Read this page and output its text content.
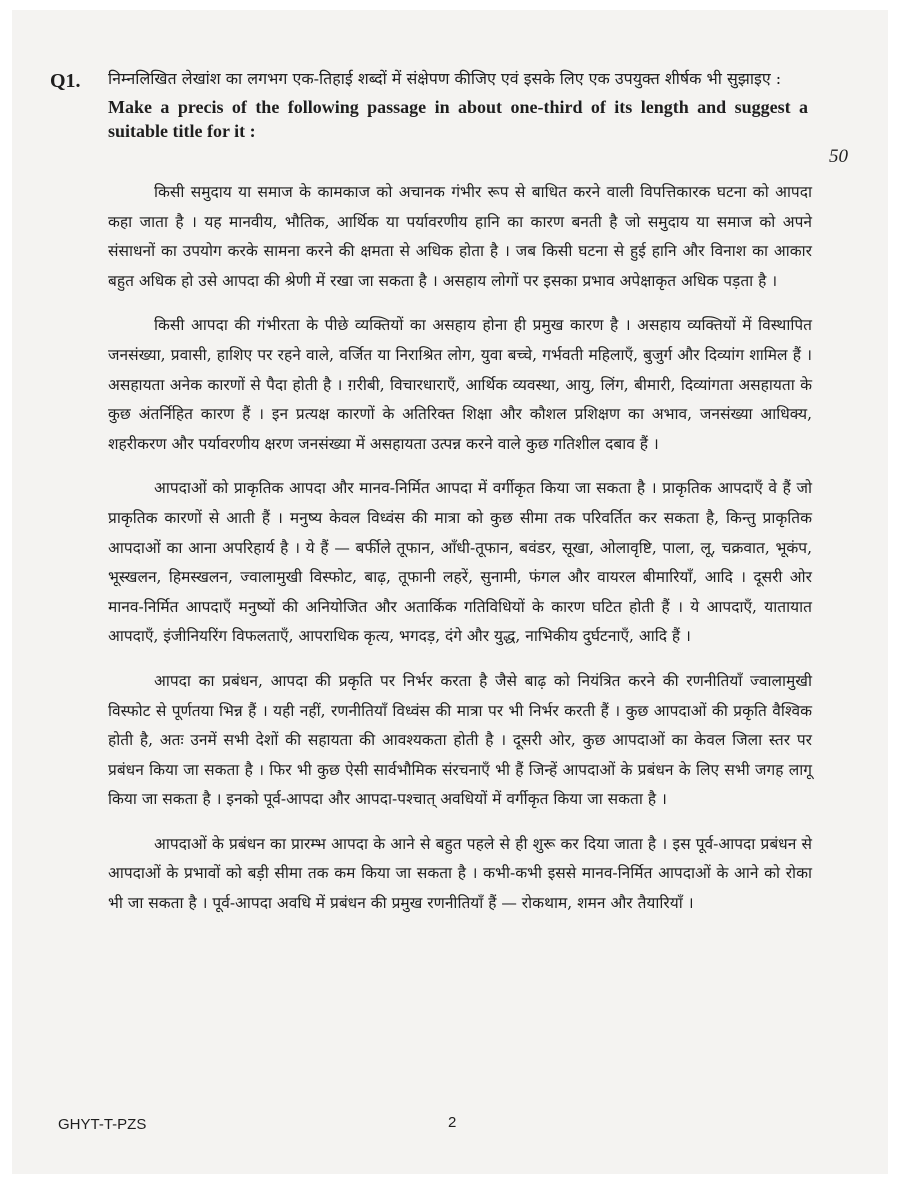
Q1. निम्नलिखित लेखांश का लगभग एक-तिहाई शब्दों में संक्षेपण कीजिए एवं इसके लिए एक उपयुक्त शीर्षक भी सुझाइए :
Make a precis of the following passage in about one-third of its length and suggest a suitable title for it :
50

किसी समुदाय या समाज के कामकाज को अचानक गंभीर रूप से बाधित करने वाली विपत्तिकारक घटना को आपदा कहा जाता है । यह मानवीय, भौतिक, आर्थिक या पर्यावरणीय हानि का कारण बनती है जो समुदाय या समाज को अपने संसाधनों का उपयोग करके सामना करने की क्षमता से अधिक होता है । जब किसी घटना से हुई हानि और विनाश का आकार बहुत अधिक हो उसे आपदा की श्रेणी में रखा जा सकता है । असहाय लोगों पर इसका प्रभाव अपेक्षाकृत अधिक पड़ता है ।

किसी आपदा की गंभीरता के पीछे व्यक्तियों का असहाय होना ही प्रमुख कारण है । असहाय व्यक्तियों में विस्थापित जनसंख्या, प्रवासी, हाशिए पर रहने वाले, वर्जित या निराश्रित लोग, युवा बच्चे, गर्भवती महिलाएँ, बुजुर्ग और दिव्यांग शामिल हैं । असहायता अनेक कारणों से पैदा होती है । ग़रीबी, विचारधाराएँ, आर्थिक व्यवस्था, आयु, लिंग, बीमारी, दिव्यांगता असहायता के कुछ अंतर्निहित कारण हैं । इन प्रत्यक्ष कारणों के अतिरिक्त शिक्षा और कौशल प्रशिक्षण का अभाव, जनसंख्या आधिक्य, शहरीकरण और पर्यावरणीय क्षरण जनसंख्या में असहायता उत्पन्न करने वाले कुछ गतिशील दबाव हैं ।

आपदाओं को प्राकृतिक आपदा और मानव-निर्मित आपदा में वर्गीकृत किया जा सकता है । प्राकृतिक आपदाएँ वे हैं जो प्राकृतिक कारणों से आती हैं । मनुष्य केवल विध्वंस की मात्रा को कुछ सीमा तक परिवर्तित कर सकता है, किन्तु प्राकृतिक आपदाओं का आना अपरिहार्य है । ये हैं — बर्फीले तूफान, आँधी-तूफान, बवंडर, सूखा, ओलावृष्टि, पाला, लू, चक्रवात, भूकंप, भूस्खलन, हिमस्खलन, ज्वालामुखी विस्फोट, बाढ़, तूफानी लहरें, सुनामी, फंगल और वायरल बीमारियाँ, आदि । दूसरी ओर मानव-निर्मित आपदाएँ मनुष्यों की अनियोजित और अतार्किक गतिविधियों के कारण घटित होती हैं । ये आपदाएँ, यातायात आपदाएँ, इंजीनियरिंग विफलताएँ, आपराधिक कृत्य, भगदड़, दंगे और युद्ध, नाभिकीय दुर्घटनाएँ, आदि हैं ।

आपदा का प्रबंधन, आपदा की प्रकृति पर निर्भर करता है जैसे बाढ़ को नियंत्रित करने की रणनीतियाँ ज्वालामुखी विस्फोट से पूर्णतया भिन्न हैं । यही नहीं, रणनीतियाँ विध्वंस की मात्रा पर भी निर्भर करती हैं । कुछ आपदाओं की प्रकृति वैश्विक होती है, अतः उनमें सभी देशों की सहायता की आवश्यकता होती है । दूसरी ओर, कुछ आपदाओं का केवल जिला स्तर पर प्रबंधन किया जा सकता है । फिर भी कुछ ऐसी सार्वभौमिक संरचनाएँ भी हैं जिन्हें आपदाओं के प्रबंधन के लिए सभी जगह लागू किया जा सकता है । इनको पूर्व-आपदा और आपदा-पश्चात् अवधियों में वर्गीकृत किया जा सकता है ।

आपदाओं के प्रबंधन का प्रारम्भ आपदा के आने से बहुत पहले से ही शुरू कर दिया जाता है । इस पूर्व-आपदा प्रबंधन से आपदाओं के प्रभावों को बड़ी सीमा तक कम किया जा सकता है । कभी-कभी इससे मानव-निर्मित आपदाओं के आने को रोका भी जा सकता है । पूर्व-आपदा अवधि में प्रबंधन की प्रमुख रणनीतियाँ हैं — रोकथाम, शमन और तैयारियाँ ।

GHYT-T-PZS	2
